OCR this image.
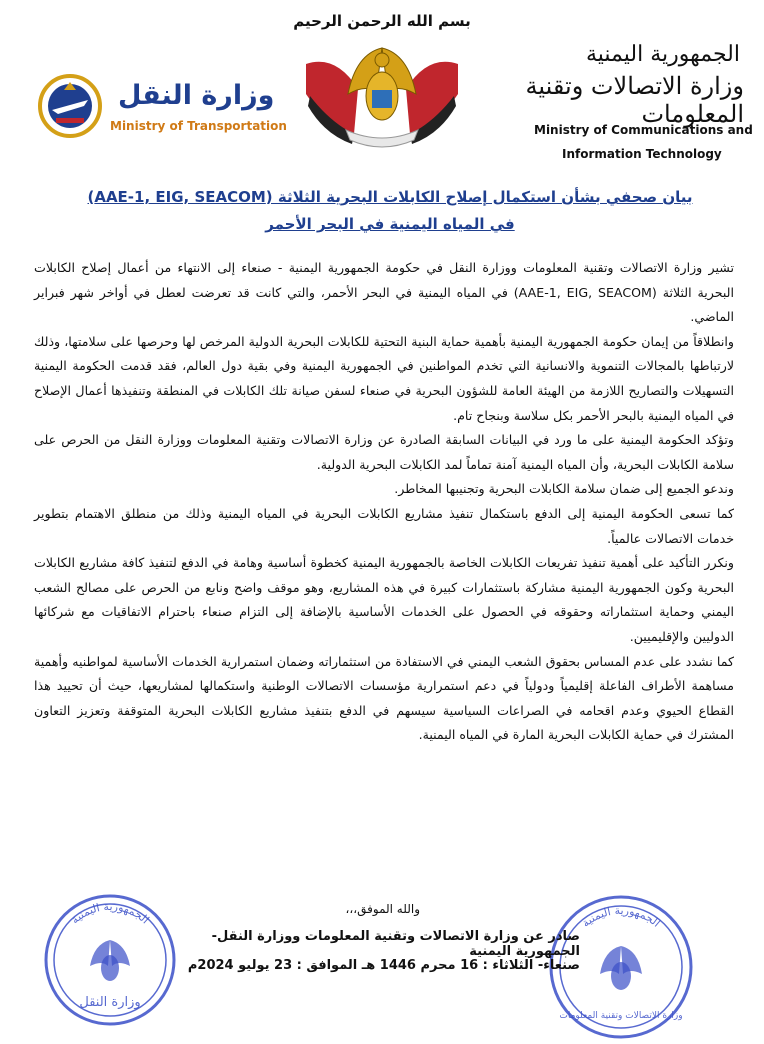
بسم الله الرحمن الرحيم
وزارة النقل
Ministry of Transportation
الجمهورية اليمنية
وزارة الاتصالات وتقنية المعلومات
Ministry of Communications and
Information Technology
بيان صحفي بشأن استكمال إصلاح الكابلات البحرية الثلاثة (AAE-1, EIG, SEACOM)
في المياه اليمنية في البحر الأحمر

تشير وزارة الاتصالات وتقنية المعلومات ووزارة النقل في حكومة الجمهورية اليمنية - صنعاء إلى الانتهاء من أعمال إصلاح الكابلات البحرية الثلاثة (AAE-1, EIG, SEACOM) في المياه اليمنية في البحر الأحمر، والتي كانت قد تعرضت لعطل في أواخر شهر فبراير الماضي.

وانطلاقاً من إيمان حكومة الجمهورية اليمنية بأهمية حماية البنية التحتية للكابلات البحرية الدولية المرخص لها وحرصها على سلامتها، وذلك لارتباطها بالمجالات التنموية والانسانية التي تخدم المواطنين في الجمهورية اليمنية وفي بقية دول العالم، فقد قدمت الحكومة اليمنية التسهيلات والتصاريح اللازمة من الهيئة العامة للشؤون البحرية في صنعاء لسفن صيانة تلك الكابلات في المنطقة وتنفيذها أعمال الإصلاح في المياه اليمنية بالبحر الأحمر بكل سلاسة وبنجاح تام.

وتؤكد الحكومة اليمنية على ما ورد في البيانات السابقة الصادرة عن وزارة الاتصالات وتقنية المعلومات ووزارة النقل من الحرص على سلامة الكابلات البحرية، وأن المياه اليمنية آمنة تماماً لمد الكابلات البحرية الدولية.

وندعو الجميع إلى ضمان سلامة الكابلات البحرية وتجنيبها المخاطر.

كما تسعى الحكومة اليمنية إلى الدفع باستكمال تنفيذ مشاريع الكابلات البحرية في المياه اليمنية وذلك من منطلق الاهتمام بتطوير خدمات الاتصالات عالمياً.

ونكرر التأكيد على أهمية تنفيذ تفريعات الكابلات الخاصة بالجمهورية اليمنية كخطوة أساسية وهامة في الدفع لتنفيذ كافة مشاريع الكابلات البحرية وكون الجمهورية اليمنية مشاركة باستثمارات كبيرة في هذه المشاريع، وهو موقف واضح ونابع من الحرص على مصالح الشعب اليمني وحماية استثماراته وحقوقه في الحصول على الخدمات الأساسية بالإضافة إلى التزام صنعاء باحترام الاتفاقيات مع شركائها الدوليين والإقليميين.

كما نشدد على عدم المساس بحقوق الشعب اليمني في الاستفادة من استثماراته وضمان استمرارية الخدمات الأساسية لمواطنيه وأهمية مساهمة الأطراف الفاعلة إقليمياً ودولياً في دعم استمرارية مؤسسات الاتصالات الوطنية واستكمالها لمشاريعها، حيث أن تحييد هذا القطاع الحيوي وعدم اقحامه في الصراعات السياسية سيسهم في الدفع بتنفيذ مشاريع الكابلات البحرية المتوقفة وتعزيز التعاون المشترك في حماية الكابلات البحرية المارة في المياه اليمنية.

الجمهورية اليمنية
وزارة النقل
الجمهورية اليمنية
وزارة الاتصالات وتقنية المعلومات
والله الموفق،،،
صادر عن وزارة الاتصالات وتقنية المعلومات ووزارة النقل- الجمهورية اليمنية
صنعاء- الثلاثاء : 16 محرم 1446 هـ الموافق : 23 يوليو 2024م
